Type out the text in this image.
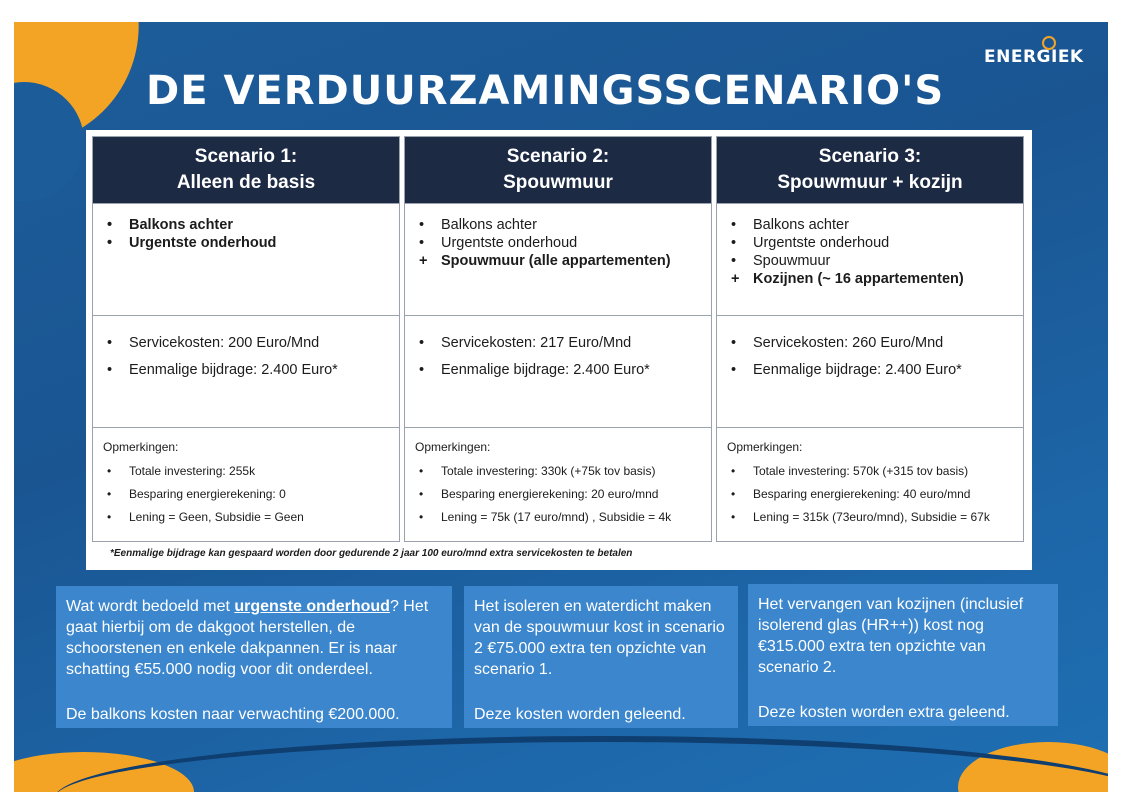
ENERGIEK
DE VERDUURZAMINGSSCENARIO'S
Scenario 1:
Alleen de basis
• Balkons achter
• Urgentste onderhoud
• Servicekosten: 200 Euro/Mnd
• Eenmalige bijdrage: 2.400 Euro*
Opmerkingen:
• Totale investering: 255k
• Besparing energierekening: 0
• Lening = Geen, Subsidie = Geen
Scenario 2:
Spouwmuur
• Balkons achter
• Urgentste onderhoud
+ Spouwmuur (alle appartementen)
• Servicekosten: 217 Euro/Mnd
• Eenmalige bijdrage: 2.400 Euro*
Opmerkingen:
• Totale investering: 330k (+75k tov basis)
• Besparing energierekening: 20 euro/mnd
• Lening = 75k (17 euro/mnd) , Subsidie = 4k
Scenario 3:
Spouwmuur + kozijn
• Balkons achter
• Urgentste onderhoud
• Spouwmuur
+ Kozijnen (~ 16 appartementen)
• Servicekosten: 260 Euro/Mnd
• Eenmalige bijdrage: 2.400 Euro*
Opmerkingen:
• Totale investering: 570k (+315 tov basis)
• Besparing energierekening: 40 euro/mnd
• Lening = 315k (73euro/mnd), Subsidie = 67k
*Eenmalige bijdrage kan gespaard worden door gedurende 2 jaar 100 euro/mnd extra servicekosten te betalen

Wat wordt bedoeld met urgenste onderhoud? Het gaat hierbij om de dakgoot herstellen, de schoorstenen en enkele dakpannen. Er is naar schatting €55.000 nodig voor dit onderdeel.

De balkons kosten naar verwachting €200.000.

Het isoleren en waterdicht maken van de spouwmuur kost in scenario 2 €75.000 extra ten opzichte van scenario 1.

Deze kosten worden geleend.

Het vervangen van kozijnen (inclusief isolerend glas (HR++)) kost nog €315.000 extra ten opzichte van scenario 2.

Deze kosten worden extra geleend.
